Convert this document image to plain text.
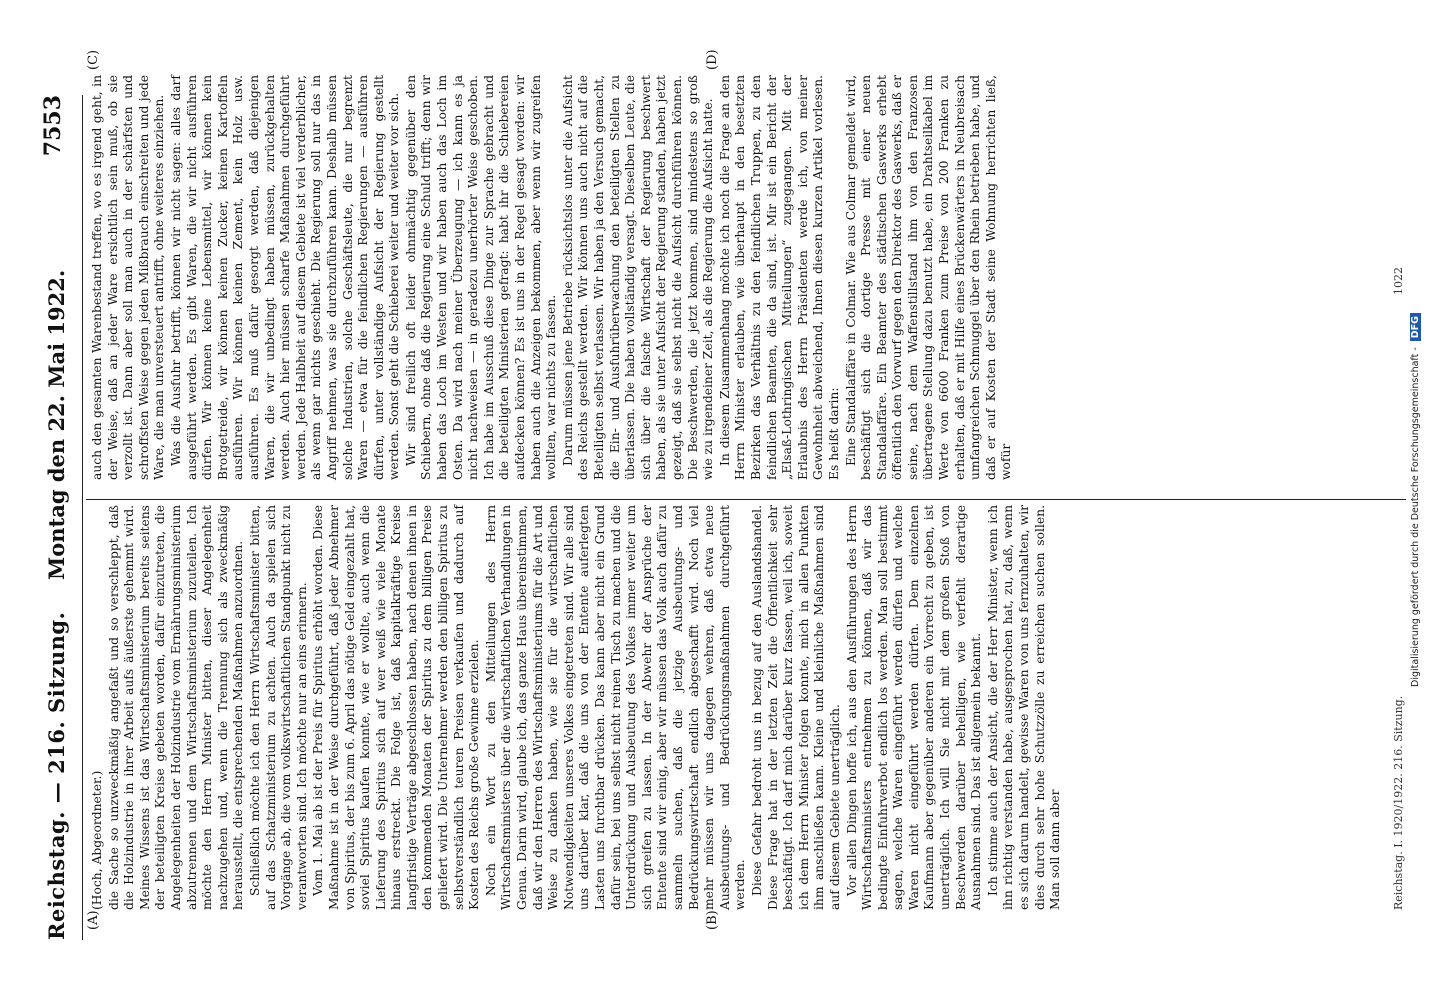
Reichstag. — 216. Sitzung.
Montag den 22. Mai 1922.
7553
(A)	(B)
(C)	(D)

(Hoch, Abgeordneter.) die Sache so unzweckmäßig angefaßt und so verschleppt, daß die Holzindustrie in ihrer Arbeit aufs äußerste gehemmt wird. Meines Wissens ist das Wirtschaftsministerium bereits seitens der beteiligten Kreise gebeten worden, dafür einzutreten, die Angelegenheiten der Holzindustrie vom Ernährungsministerium abzutrennen und dem Wirtschaftsministerium zuzuteilen. Ich möchte den Herrn Minister bitten, dieser Angelegenheit nachzugehen und, wenn die Trennung sich als zweckmäßig herausstellt, die entsprechenden Maßnahmen anzuordnen. Schließlich möchte ich den Herrn Wirtschaftsminister bitten, auf das Schatzministerium zu achten. Auch da spielen sich Vorgänge ab, die vom volkswirtschaftlichen Standpunkt nicht zu verantworten sind. Ich möchte nur an eins erinnern. Vom 1. Mai ab ist der Preis für Spiritus erhöht worden. Diese Maßnahme ist in der Weise durchgeführt, daß jeder Abnehmer von Spiritus, der bis zum 6. April das nötige Geld eingezahlt hat, soviel Spiritus kaufen konnte, wie er wollte, auch wenn die Lieferung des Spiritus sich auf wer weiß wie viele Monate hinaus erstreckt. Die Folge ist, daß kapitalkräftige Kreise langfristige Verträge abgeschlossen haben, nach denen ihnen in den kommenden Monaten der Spiritus zu dem billigen Preise geliefert wird. Die Unternehmer werden den billigen Spiritus zu selbstverständlich teuren Preisen verkaufen und dadurch auf Kosten des Reichs große Gewinne erzielen. Noch ein Wort zu den Mitteilungen des Herrn Wirtschaftsministers über die wirtschaftlichen Verhandlungen in Genua. Darin wird, glaube ich, das ganze Haus übereinstimmen, daß wir den Herren des Wirtschaftsministeriums für die Art und Weise zu danken haben, wie sie für die wirtschaftlichen Notwendigkeiten unseres Volkes eingetreten sind. Wir alle sind uns darüber klar, daß die uns von der Entente auferlegten Lasten uns furchtbar drücken. Das kann aber nicht ein Grund dafür sein, bei uns selbst nicht reinen Tisch zu machen und die Unterdrückung und Ausbeutung des Volkes immer weiter um sich greifen zu lassen. In der Abwehr der Ansprüche der Entente sind wir einig, aber wir müssen das Volk auch dafür zu sammeln suchen, daß die jetzige Ausbeutungs- und Bedrückungswirtschaft endlich abgeschafft wird. Noch viel mehr müssen wir uns dagegen wehren, daß etwa neue Ausbeutungs- und Bedrückungsmaßnahmen durchgeführt werden. Diese Gefahr bedroht uns in bezug auf den Auslandshandel. Diese Frage hat in der letzten Zeit die Öffentlichkeit sehr beschäftigt. Ich darf mich darüber kurz fassen, weil ich, soweit ich dem Herrn Minister folgen konnte, mich in allen Punkten ihm anschließen kann. Kleine und kleinliche Maßnahmen sind auf diesem Gebiete unerträglich. Vor allen Dingen hoffe ich, aus den Ausführungen des Herrn Wirtschaftsministers entnehmen zu können, daß wir das bedingte Einfuhrverbot endlich los werden. Man soll bestimmt sagen, welche Waren eingeführt werden dürfen und welche Waren nicht eingeführt werden dürfen. Dem einzelnen Kaufmann aber gegenüber anderen ein Vorrecht zu geben, ist unerträglich. Ich will Sie nicht mit dem großen Stoß von Beschwerden darüber behelligen, wie verfehlt derartige Ausnahmen sind. Das ist allgemein bekannt. Ich stimme auch der Ansicht, die der Herr Minister, wenn ich ihn richtig verstanden habe, ausgesprochen hat, zu, daß, wenn es sich darum handelt, gewisse Waren von uns fernzuhalten, wir dies durch sehr hohe Schutzzölle zu erreichen suchen sollen. Man soll dann aber

auch den gesamten Warenbestand treffen, wo es irgend geht, in der Weise, daß an jeder Ware ersichtlich sein muß, ob sie verzollt ist. Dann aber soll man auch in der schärfsten und schroffsten Weise gegen jeden Mißbrauch einschreiten und jede Ware, die man unversteuert antrifft, ohne weiteres einziehen. Was die Ausfuhr betrifft, können wir nicht sagen: alles darf ausgeführt werden. Es gibt Waren, die wir nicht ausführen dürfen. Wir können keine Lebensmittel, wir können kein Brotgetreide, wir können keinen Zucker, keinen Kartoffeln ausführen. Wir können keinen Zement, kein Holz usw. ausführen. Es muß dafür gesorgt werden, daß diejenigen Waren, die wir unbedingt haben müssen, zurückgehalten werden. Auch hier müssen scharfe Maßnahmen durchgeführt werden. Jede Halbheit auf diesem Gebiete ist viel verderblicher, als wenn gar nichts geschieht. Die Regierung soll nur das in Angriff nehmen, was sie durchzuführen kann. Deshalb müssen solche Industrien, solche Geschäftsleute, die nur begrenzt Waren — etwa für die feindlichen Regierungen — ausführen dürfen, unter vollständige Aufsicht der Regierung gestellt werden. Sonst geht die Schieberei weiter und weiter vor sich. Wir sind freilich oft leider ohnmächtig gegenüber den Schiebern, ohne daß die Regierung eine Schuld trifft; denn wir haben das Loch im Westen und wir haben auch das Loch im Osten. Da wird nach meiner Überzeugung — ich kann es ja nicht nachweisen — in geradezu unerhörter Weise geschoben. Ich habe im Ausschuß diese Dinge zur Sprache gebracht und die beteiligten Ministerien gefragt: habt ihr die Schiebereien aufdecken können? Es ist uns in der Regel gesagt worden: wir haben auch die Anzeigen bekommen, aber wenn wir zugreifen wollten, war nichts zu fassen. Darum müssen jene Betriebe rücksichtslos unter die Aufsicht des Reichs gestellt werden. Wir können uns auch nicht auf die Beteiligten selbst verlassen. Wir haben ja den Versuch gemacht, die Ein- und Ausfuhrüberwachung den beteiligten Stellen zu überlassen. Die haben vollständig versagt. Dieselben Leute, die sich über die falsche Wirtschaft der Regierung beschwert haben, als sie unter Aufsicht der Regierung standen, haben jetzt gezeigt, daß sie selbst nicht die Aufsicht durchführen können. Die Beschwerden, die jetzt kommen, sind mindestens so groß wie zu irgendeiner Zeit, als die Regierung die Aufsicht hatte. In diesem Zusammenhang möchte ich noch die Frage an den Herrn Minister erlauben, wie überhaupt in den besetzten Bezirken das Verhältnis zu den feindlichen Truppen, zu den feindlichen Beamten, die da sind, ist. Mir ist ein Bericht der „Elsaß-Lothringischen Mitteilungen“ zugegangen. Mit der Erlaubnis des Herrn Präsidenten werde ich, von meiner Gewohnheit abweichend, Ihnen diesen kurzen Artikel vorlesen. Es heißt darin: Eine Standalaffäre in Colmar. Wie aus Colmar gemeldet wird, beschäftigt sich die dortige Presse mit einer neuen Standalaffäre. Ein Beamter des städtischen Gaswerks erhebt öffentlich den Vorwurf gegen den Direktor des Gaswerks, daß er seine, nach dem Waffenstillstand ihm von den Franzosen übertragene Stellung dazu benutzt habe, ein Drahtseilkabel im Werte von 6600 Franken zum Preise von 200 Franken zu erhalten, daß er mit Hilfe eines Brückenwärters in Neubreisach umfangreichen Schmuggel über den Rhein betrieben habe, und daß er auf Kosten der Stadt seine Wohnung herrichten ließ, wofür

Reichstag. I. 1920/1922. 216. Sitzung.
1022
Digitalisierung gefördert durch die Deutsche Forschungsgemeinschaft - DFG
